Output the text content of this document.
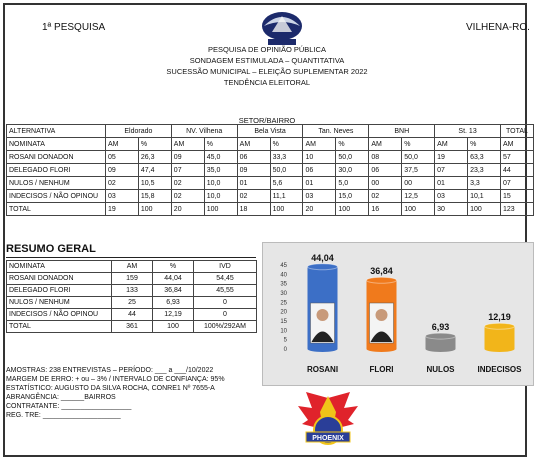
1ª PESQUISA	VILHENA-RO.
PESQUISA DE OPINIÃO PÚBLICA
SONDAGEM ESTIMULADA – QUANTITATIVA
SUCESSÃO MUNICIPAL – ELEIÇÃO SUPLEMENTAR 2022
TENDÊNCIA ELEITORAL
SETOR/BAIRRO
ALTERNATIVA	Eldorado		NV. Vilhena		Bela Vista		Tan. Neves		BNH		St. 13		TOTAL
NOMINATA	AM	%	AM	%	AM	%	AM	%	AM	%	AM	%	AM
ROSANI DONADON	05	26,3	09	45,0	06	33,3	10	50,0	08	50,0	19	63,3	57
DELEGADO FLORI	09	47,4	07	35,0	09	50,0	06	30,0	06	37,5	07	23,3	44
NULOS / NENHUM	02	10,5	02	10,0	01	5,6	01	5,0	00	00	01	3,3	07
INDECISOS / NÃO OPINOU	03	15,8	02	10,0	02	11,1	03	15,0	02	12,5	03	10,1	15
TOTAL	19	100	20	100	18	100	20	100	16	100	30	100	123
RESUMO GERAL
NOMINATA	AM	%	IVD
ROSANI DONADON	159	44,04	54,45
DELEGADO FLORI	133	36,84	45,55
NULOS / NENHUM	25	6,93	0
INDECISOS / NÃO OPINOU	44	12,19	0
TOTAL	361	100	100%/292AM
0
5
10
15
20
25
30
35
40
45
44,04
ROSANI
36,84
FLORI
6,93
NULOS
12,19
INDECISOS
AMOSTRAS: 238 ENTREVISTAS – PERÍODO: ___ a ___/10/2022
MARGEM DE ERRO: + ou – 3% / INTERVALO DE CONFIANÇA: 95%
ESTATÍSTICO: AUGUSTO DA SILVA ROCHA, CONRE1 Nº 7655-A
ABRANGÊNCIA: ______BAIRROS
CONTRATANTE: __________________
REG. TRE: ____________________
PHOENIX
